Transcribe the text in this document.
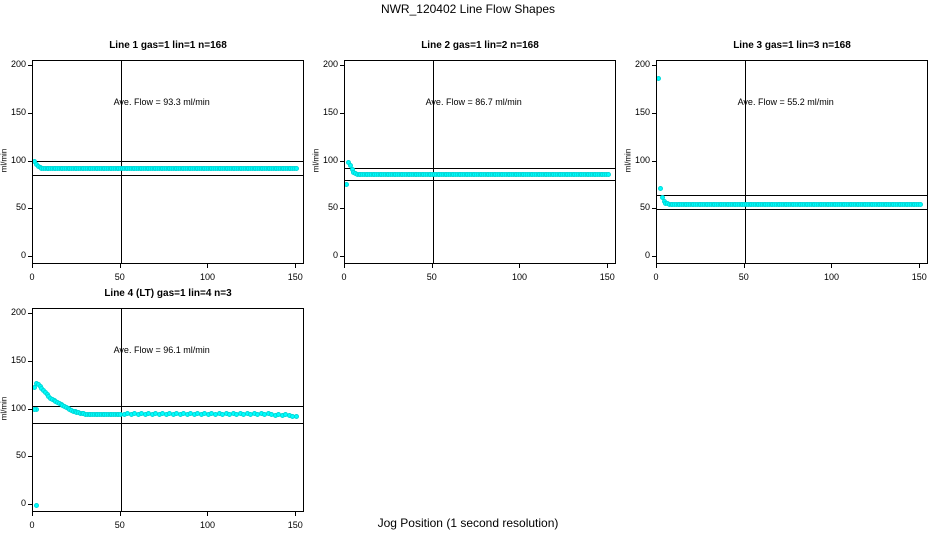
NWR_120402 Line Flow Shapes
Line 1 gas=1 lin=1 n=168
Ave. Flow = 93.3 ml/min
0
50
100
150
200
0	50	100	150
ml/min
Line 2 gas=1 lin=2 n=168
Ave. Flow = 86.7 ml/min
0
50
100
150
200
0	50	100	150
ml/min
Line 3 gas=1 lin=3 n=168
Ave. Flow = 55.2 ml/min
0
50
100
150
200
0	50	100	150
ml/min
Line 4 (LT) gas=1 lin=4 n=3
Ave. Flow = 96.1 ml/min
0
50
100
150
200
0	50	100	150
ml/min
Jog Position (1 second resolution)
